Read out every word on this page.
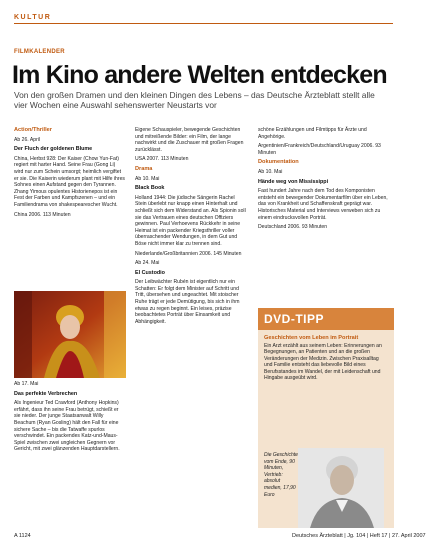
KULTUR
FILMKALENDER
Im Kino andere Welten entdecken
Von den großen Dramen und den kleinen Dingen des Lebens – das Deutsche Ärzteblatt stellt alle vier Wochen eine Auswahl sehenswerter Neustarts vor

Action/Thriller

Ab 26. April

Der Fluch der goldenen Blume

China, Herbst 928: Der Kaiser (Chow Yun-Fat) regiert mit harter Hand. Seine Frau (Gong Li) wird nur zum Schein umsorgt; heimlich vergiftet er sie. Die Kaiserin wiederum plant mit Hilfe ihres Sohnes einen Aufstand gegen den Tyrannen. Zhang Yimous opulentes Historienepos ist ein Fest der Farben und Kampfszenen – und ein Familiendrama von shakespearescher Wucht.

China 2006. 113 Minuten

Ab 17. Mai

Das perfekte Verbrechen

Als Ingenieur Ted Crawford (Anthony Hopkins) erfährt, dass ihn seine Frau betrügt, schießt er sie nieder. Der junge Staatsanwalt Willy Beachum (Ryan Gosling) hält den Fall für eine sichere Sache – bis die Tatwaffe spurlos verschwindet. Ein packendes Katz-und-Maus-Spiel zwischen zwei ungleichen Gegnern vor Gericht, mit zwei glänzenden Hauptdarstellern.

Eigene Schauspieler, bewegende Geschichten und mitreißende Bilder: ein Film, der lange nachwirkt und die Zuschauer mit großen Fragen zurücklässt.

USA 2007. 113 Minuten

Drama

Ab 10. Mai

Black Book

Holland 1944: Die jüdische Sängerin Rachel Stein überlebt nur knapp einen Hinterhalt und schließt sich dem Widerstand an. Als Spionin soll sie das Vertrauen eines deutschen Offiziers gewinnen. Paul Verhoevens Rückkehr in seine Heimat ist ein packender Kriegsthriller voller überraschender Wendungen, in dem Gut und Böse nicht immer klar zu trennen sind.

Niederlande/Großbritannien 2006. 145 Minuten

Ab 24. Mai

El Custodio

Der Leibwächter Rubén ist eigentlich nur ein Schatten: Er folgt dem Minister auf Schritt und Tritt, übersehen und ungeachtet. Mit stoischer Ruhe trägt er jede Demütigung, bis sich in ihm etwas zu regen beginnt. Ein leises, präzise beobachtetes Porträt über Einsamkeit und Abhängigkeit.

schöne Erzählungen und Filmtipps für Ärzte und Angehörige.

Argentinien/Frankreich/Deutschland/Uruguay 2006. 93 Minuten

Dokumentation

Ab 10. Mai

Hände weg von Mississippi

Fast hundert Jahre nach dem Tod des Komponisten entsteht ein bewegender Dokumentarfilm über ein Leben, das von Krankheit und Schaffenskraft geprägt war. Historisches Material und Interviews verweben sich zu einem eindrucksvollen Porträt.

Deutschland 2006. 93 Minuten

DVD-TIPP

Geschichten vom Leben im Portrait

Ein Arzt erzählt aus seinem Leben: Erinnerungen an Begegnungen, an Patienten und an die großen Veränderungen der Medizin. Zwischen Praxisalltag und Familie entsteht das liebevolle Bild eines Berufsstandes im Wandel, der mit Leidenschaft und Hingabe ausgeübt wird.

Die Geschichte vom Ende, 90 Minuten, Vertrieb: absolut medien, 17,90 Euro
A 1124	Deutsches Ärzteblatt | Jg. 104 | Heft 17 | 27. April 2007
